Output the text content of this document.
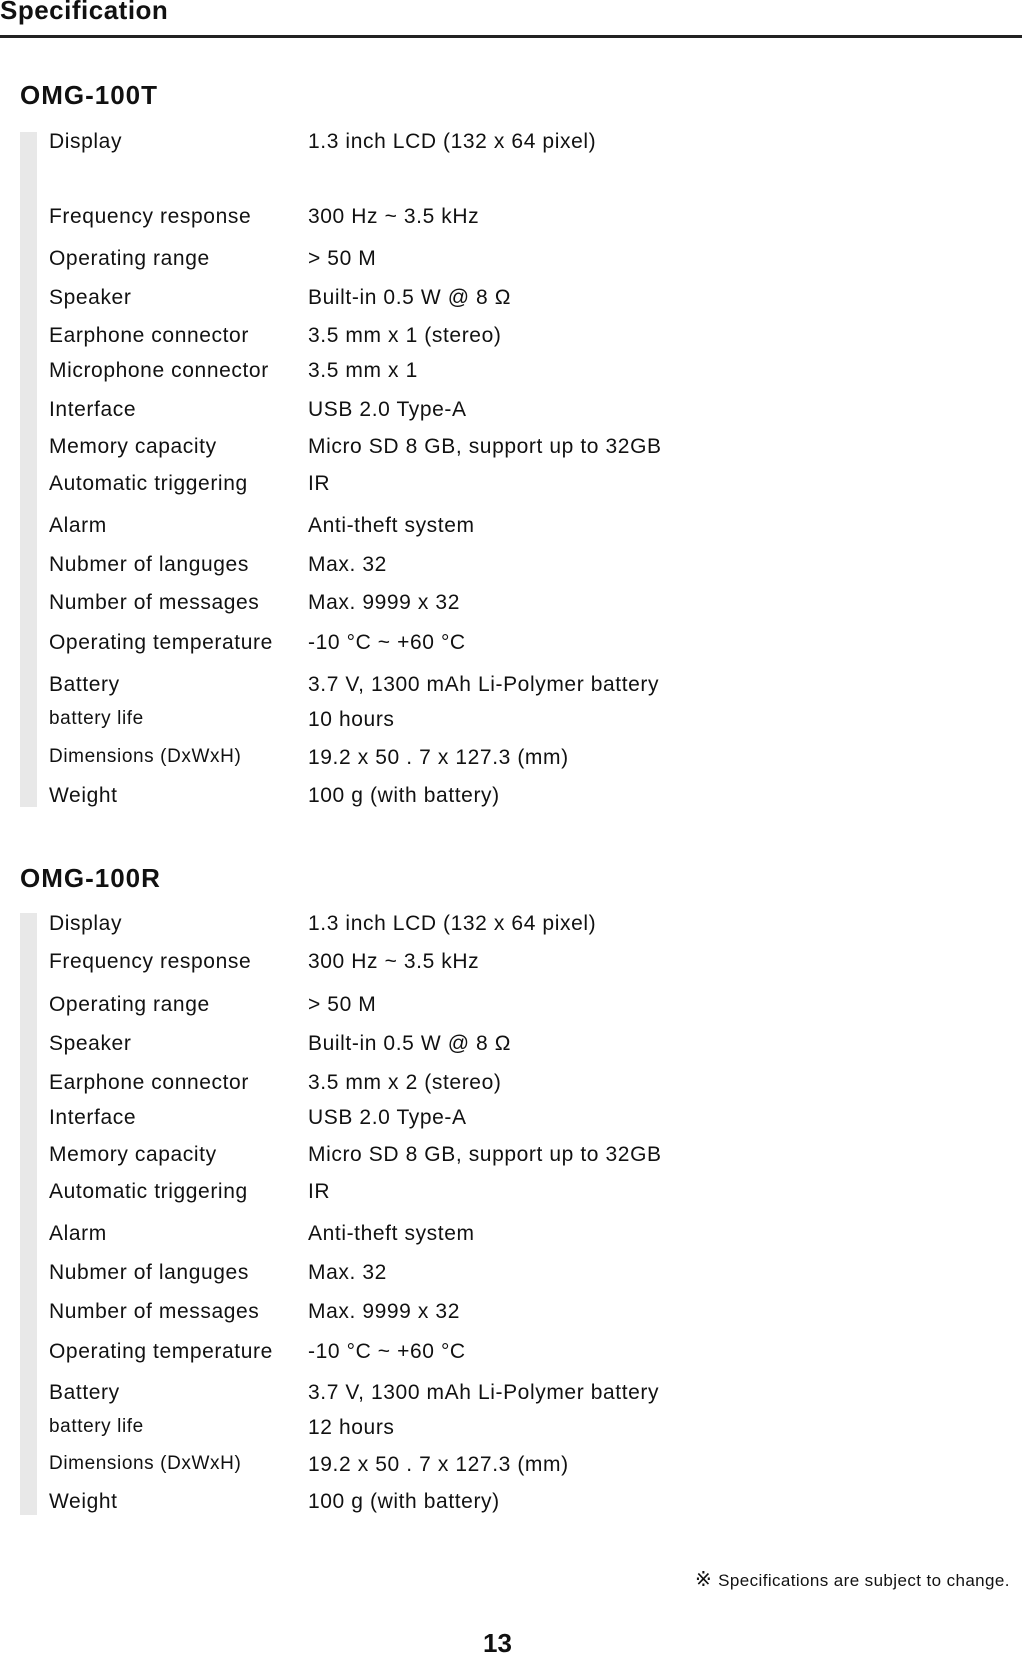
Specification
OMG-100T
Display	1.3 inch LCD (132 x 64 pixel)
Frequency response	300 Hz ~ 3.5 kHz
Operating range	> 50 M
Speaker	Built-in 0.5 W @ 8 Ω
Earphone connector	3.5 mm x 1 (stereo)
Microphone connector 3.5 mm x 1
Interface	USB 2.0 Type-A
Memory capacity	Micro SD 8 GB, support up to 32GB
Automatic triggering	IR
Alarm	Anti-theft system
Nubmer of languges	Max. 32
Number of messages Max. 9999 x 32
Operating temperature -10 °C ~ +60 °C
Battery	3.7 V, 1300 mAh Li-Polymer battery
battery life	10 hours
Dimensions (DxWxH)	19.2 x 50 . 7 x 127.3 (mm)
Weight	100 g (with battery)
OMG-100R
Display	1.3 inch LCD (132 x 64 pixel)
Frequency response	300 Hz ~ 3.5 kHz
Operating range	> 50 M
Speaker	Built-in 0.5 W @ 8 Ω
Earphone connector	3.5 mm x 2 (stereo)
Interface	USB 2.0 Type-A
Memory capacity	Micro SD 8 GB, support up to 32GB
Automatic triggering	IR
Alarm	Anti-theft system
Nubmer of languges	Max. 32
Number of messages Max. 9999 x 32
Operating temperature -10 °C ~ +60 °C
Battery	3.7 V, 1300 mAh Li-Polymer battery
battery life	12 hours
Dimensions (DxWxH)	19.2 x 50 . 7 x 127.3 (mm)
Weight	100 g (with battery)
※ Specifications are subject to change.
13
